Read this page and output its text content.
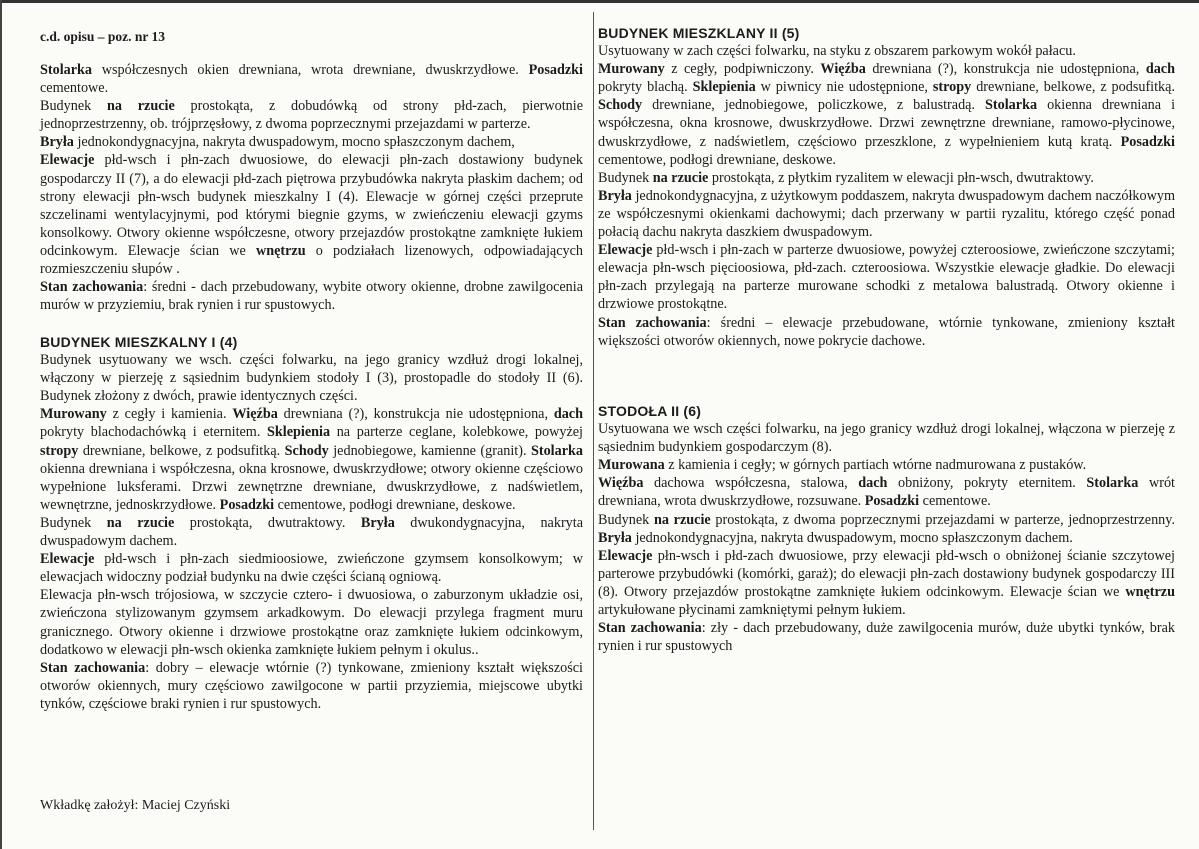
c.d. opisu – poz. nr 13

Stolarka współczesnych okien drewniana, wrota drewniane, dwuskrzydłowe. Posadzki cementowe.

Budynek na rzucie prostokąta, z dobudówką od strony płd-zach, pierwotnie jednoprzestrzenny, ob. trójprzęsłowy, z dwoma poprzecznymi przejazdami w parterze.

Bryła jednokondygnacyjna, nakryta dwuspadowym, mocno spłaszczonym dachem,

Elewacje płd-wsch i płn-zach dwuosiowe, do elewacji płn-zach dostawiony budynek gospodarczy II (7), a do elewacji płd-zach piętrowa przybudówka nakryta płaskim dachem; od strony elewacji płn-wsch budynek mieszkalny I (4). Elewacje w górnej części przeprute szczelinami wentylacyjnymi, pod którymi biegnie gzyms, w zwieńczeniu elewacji gzyms konsolkowy. Otwory okienne współczesne, otwory przejazdów prostokątne zamknięte łukiem odcinkowym. Elewacje ścian we wnętrzu o podziałach lizenowych, odpowiadających rozmieszczeniu słupów .

Stan zachowania: średni - dach przebudowany, wybite otwory okienne, drobne zawilgocenia murów w przyziemiu, brak rynien i rur spustowych.

BUDYNEK MIESZKALNY I (4)

Budynek usytuowany we wsch. części folwarku, na jego granicy wzdłuż drogi lokalnej, włączony w pierzeję z sąsiednim budynkiem stodoły I (3), prostopadle do stodoły II (6). Budynek złożony z dwóch, prawie identycznych części.

Murowany z cegły i kamienia. Więźba drewniana (?), konstrukcja nie udostępniona, dach pokryty blachodachówką i eternitem. Sklepienia na parterze ceglane, kolebkowe, powyżej stropy drewniane, belkowe, z podsufitką. Schody jednobiegowe, kamienne (granit). Stolarka okienna drewniana i współczesna, okna krosnowe, dwuskrzydłowe; otwory okienne częściowo wypełnione luksferami. Drzwi zewnętrzne drewniane, dwuskrzydłowe, z nadświetlem, wewnętrzne, jednoskrzydłowe. Posadzki cementowe, podłogi drewniane, deskowe.

Budynek na rzucie prostokąta, dwutraktowy. Bryła dwukondygnacyjna, nakryta dwuspadowym dachem.

Elewacje płd-wsch i płn-zach siedmioosiowe, zwieńczone gzymsem konsolkowym; w elewacjach widoczny podział budynku na dwie części ścianą ogniową.

Elewacja płn-wsch trójosiowa, w szczycie cztero- i dwuosiowa, o zaburzonym układzie osi, zwieńczona stylizowanym gzymsem arkadkowym. Do elewacji przylega fragment muru granicznego. Otwory okienne i drzwiowe prostokątne oraz zamknięte łukiem odcinkowym, dodatkowo w elewacji płn-wsch okienka zamknięte łukiem pełnym i okulus..

Stan zachowania: dobry – elewacje wtórnie (?) tynkowane, zmieniony kształt większości otworów okiennych, mury częściowo zawilgocone w partii przyziemia, miejscowe ubytki tynków, częściowe braki rynien i rur spustowych.

BUDYNEK MIESZKLANY II (5)

Usytuowany w zach części folwarku, na styku z obszarem parkowym wokół pałacu.

Murowany z cegły, podpiwniczony. Więźba drewniana (?), konstrukcja nie udostępniona, dach pokryty blachą. Sklepienia w piwnicy nie udostępnione, stropy drewniane, belkowe, z podsufitką. Schody drewniane, jednobiegowe, policzkowe, z balustradą. Stolarka okienna drewniana i współczesna, okna krosnowe, dwuskrzydłowe. Drzwi zewnętrzne drewniane, ramowo-płycinowe, dwuskrzydłowe, z nadświetlem, częściowo przeszklone, z wypełnieniem kutą kratą. Posadzki cementowe, podłogi drewniane, deskowe.

Budynek na rzucie prostokąta, z płytkim ryzalitem w elewacji płn-wsch, dwutraktowy.

Bryła jednokondygnacyjna, z użytkowym poddaszem, nakryta dwuspadowym dachem naczółkowym ze współczesnymi okienkami dachowymi; dach przerwany w partii ryzalitu, którego część ponad połacią dachu nakryta daszkiem dwuspadowym.

Elewacje płd-wsch i płn-zach w parterze dwuosiowe, powyżej czteroosiowe, zwieńczone szczytami; elewacja płn-wsch pięcioosiowa, płd-zach. czteroosiowa. Wszystkie elewacje gładkie. Do elewacji płn-zach przylegają na parterze murowane schodki z metalowa balustradą. Otwory okienne i drzwiowe prostokątne.

Stan zachowania: średni – elewacje przebudowane, wtórnie tynkowane, zmieniony kształt większości otworów okiennych, nowe pokrycie dachowe.

STODOŁA II (6)

Usytuowana we wsch części folwarku, na jego granicy wzdłuż drogi lokalnej, włączona w pierzeję z sąsiednim budynkiem gospodarczym (8).

Murowana z kamienia i cegły; w górnych partiach wtórne nadmurowana z pustaków.

Więźba dachowa współczesna, stalowa, dach obniżony, pokryty eternitem. Stolarka wrót drewniana, wrota dwuskrzydłowe, rozsuwane. Posadzki cementowe.

Budynek na rzucie prostokąta, z dwoma poprzecznymi przejazdami w parterze, jednoprzestrzenny. Bryła jednokondygnacyjna, nakryta dwuspadowym, mocno spłaszczonym dachem.

Elewacje płn-wsch i płd-zach dwuosiowe, przy elewacji płd-wsch o obniżonej ścianie szczytowej parterowe przybudówki (komórki, garaż); do elewacji płn-zach dostawiony budynek gospodarczy III (8). Otwory przejazdów prostokątne zamknięte łukiem odcinkowym. Elewacje ścian we wnętrzu artykułowane płycinami zamkniętymi pełnym łukiem.

Stan zachowania: zły - dach przebudowany, duże zawilgocenia murów, duże ubytki tynków, brak rynien i rur spustowych

Wkładkę założył: Maciej Czyński
